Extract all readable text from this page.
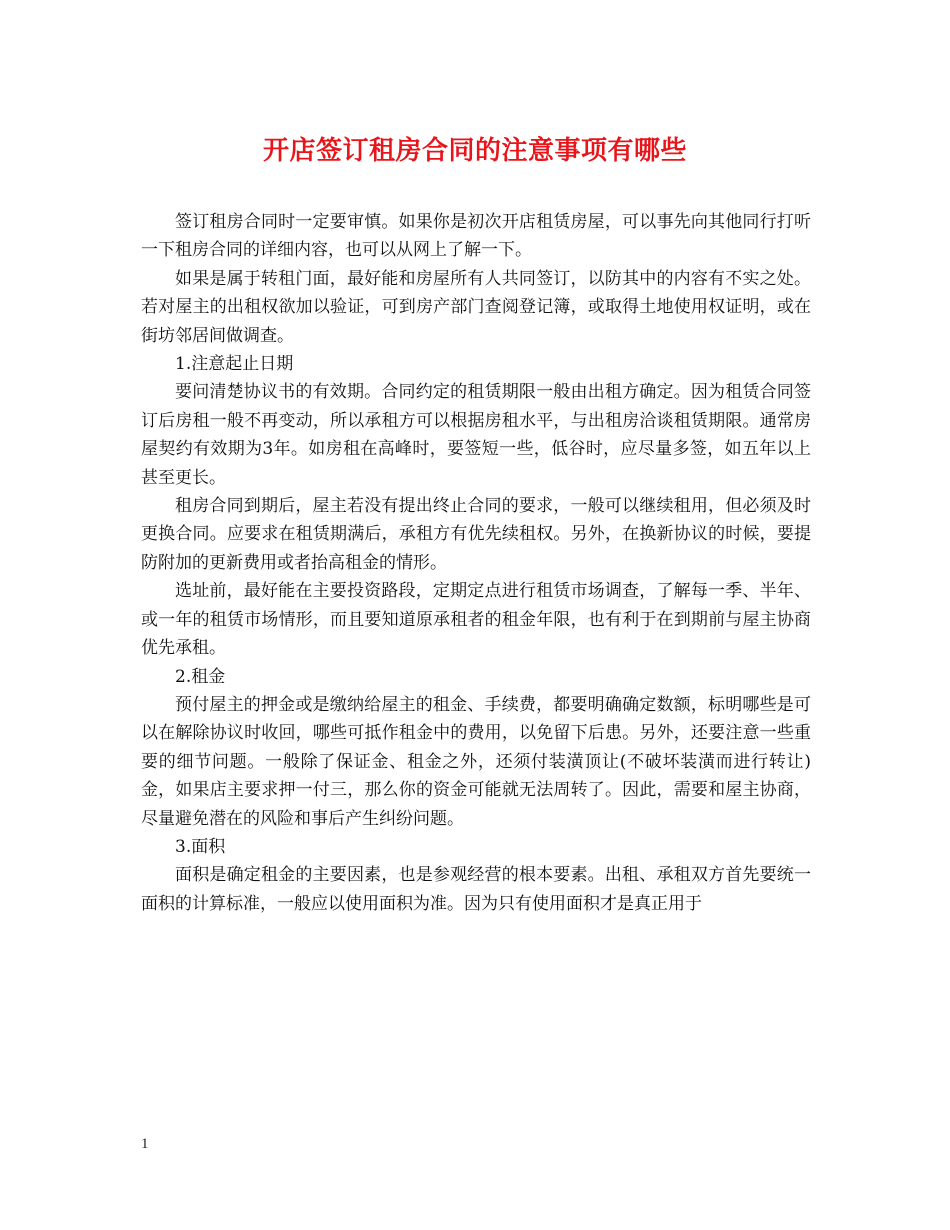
开店签订租房合同的注意事项有哪些

签订租房合同时一定要审慎。如果你是初次开店租赁房屋，可以事先向其他同行打听一下租房合同的详细内容，也可以从网上了解一下。

如果是属于转租门面，最好能和房屋所有人共同签订，以防其中的内容有不实之处。若对屋主的出租权欲加以验证，可到房产部门查阅登记簿，或取得土地使用权证明，或在街坊邻居间做调查。

1.注意起止日期

要问清楚协议书的有效期。合同约定的租赁期限一般由出租方确定。因为租赁合同签订后房租一般不再变动，所以承租方可以根据房租水平，与出租房洽谈租赁期限。通常房屋契约有效期为3年。如房租在高峰时，要签短一些，低谷时，应尽量多签，如五年以上甚至更长。

租房合同到期后，屋主若没有提出终止合同的要求，一般可以继续租用，但必须及时更换合同。应要求在租赁期满后，承租方有优先续租权。另外，在换新协议的时候，要提防附加的更新费用或者抬高租金的情形。

选址前，最好能在主要投资路段，定期定点进行租赁市场调查，了解每一季、半年、或一年的租赁市场情形，而且要知道原承租者的租金年限，也有利于在到期前与屋主协商优先承租。

2.租金

预付屋主的押金或是缴纳给屋主的租金、手续费，都要明确确定数额，标明哪些是可以在解除协议时收回，哪些可抵作租金中的费用，以免留下后患。另外，还要注意一些重要的细节问题。一般除了保证金、租金之外，还须付装潢顶让(不破坏装潢而进行转让)金，如果店主要求押一付三，那么你的资金可能就无法周转了。因此，需要和屋主协商，尽量避免潜在的风险和事后产生纠纷问题。

3.面积

面积是确定租金的主要因素，也是参观经营的根本要素。出租、承租双方首先要统一面积的计算标准，一般应以使用面积为准。因为只有使用面积才是真正用于

1
